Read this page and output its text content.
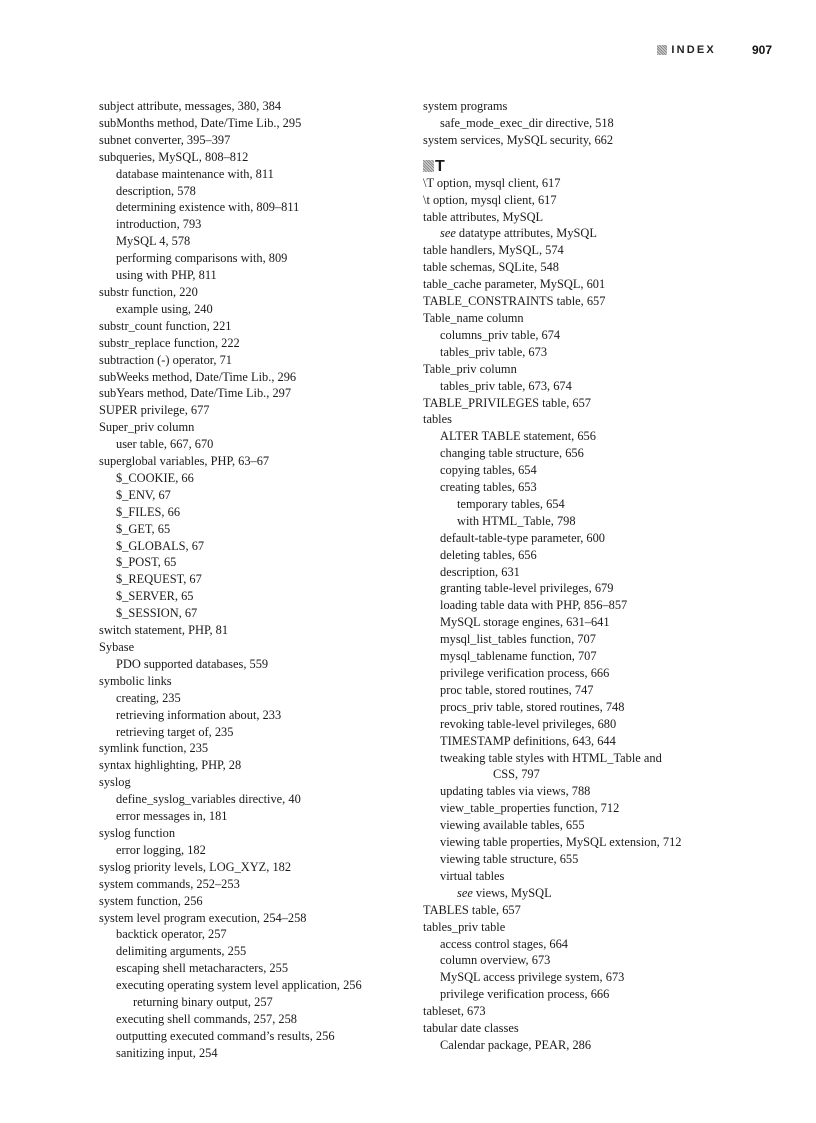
INDEX	907
subject attribute, messages, 380, 384
subMonths method, Date/Time Lib., 295
subnet converter, 395–397
subqueries, MySQL, 808–812
database maintenance with, 811
description, 578
determining existence with, 809–811
introduction, 793
MySQL 4, 578
performing comparisons with, 809
using with PHP, 811
substr function, 220
example using, 240
substr_count function, 221
substr_replace function, 222
subtraction (-) operator, 71
subWeeks method, Date/Time Lib., 296
subYears method, Date/Time Lib., 297
SUPER privilege, 677
Super_priv column
user table, 667, 670
superglobal variables, PHP, 63–67
$_COOKIE, 66
$_ENV, 67
$_FILES, 66
$_GET, 65
$_GLOBALS, 67
$_POST, 65
$_REQUEST, 67
$_SERVER, 65
$_SESSION, 67
switch statement, PHP, 81
Sybase
PDO supported databases, 559
symbolic links
creating, 235
retrieving information about, 233
retrieving target of, 235
symlink function, 235
syntax highlighting, PHP, 28
syslog
define_syslog_variables directive, 40
error messages in, 181
syslog function
error logging, 182
syslog priority levels, LOG_XYZ, 182
system commands, 252–253
system function, 256
system level program execution, 254–258
backtick operator, 257
delimiting arguments, 255
escaping shell metacharacters, 255
executing operating system level application, 256
returning binary output, 257
executing shell commands, 257, 258
outputting executed command’s results, 256
sanitizing input, 254
system programs
safe_mode_exec_dir directive, 518
system services, MySQL security, 662
T
\T option, mysql client, 617
\t option, mysql client, 617
table attributes, MySQL
see datatype attributes, MySQL
table handlers, MySQL, 574
table schemas, SQLite, 548
table_cache parameter, MySQL, 601
TABLE_CONSTRAINTS table, 657
Table_name column
columns_priv table, 674
tables_priv table, 673
Table_priv column
tables_priv table, 673, 674
TABLE_PRIVILEGES table, 657
tables
ALTER TABLE statement, 656
changing table structure, 656
copying tables, 654
creating tables, 653
temporary tables, 654
with HTML_Table, 798
default-table-type parameter, 600
deleting tables, 656
description, 631
granting table-level privileges, 679
loading table data with PHP, 856–857
MySQL storage engines, 631–641
mysql_list_tables function, 707
mysql_tablename function, 707
privilege verification process, 666
proc table, stored routines, 747
procs_priv table, stored routines, 748
revoking table-level privileges, 680
TIMESTAMP definitions, 643, 644
tweaking table styles with HTML_Table and
CSS, 797
updating tables via views, 788
view_table_properties function, 712
viewing available tables, 655
viewing table properties, MySQL extension, 712
viewing table structure, 655
virtual tables
see views, MySQL
TABLES table, 657
tables_priv table
access control stages, 664
column overview, 673
MySQL access privilege system, 673
privilege verification process, 666
tableset, 673
tabular date classes
Calendar package, PEAR, 286
